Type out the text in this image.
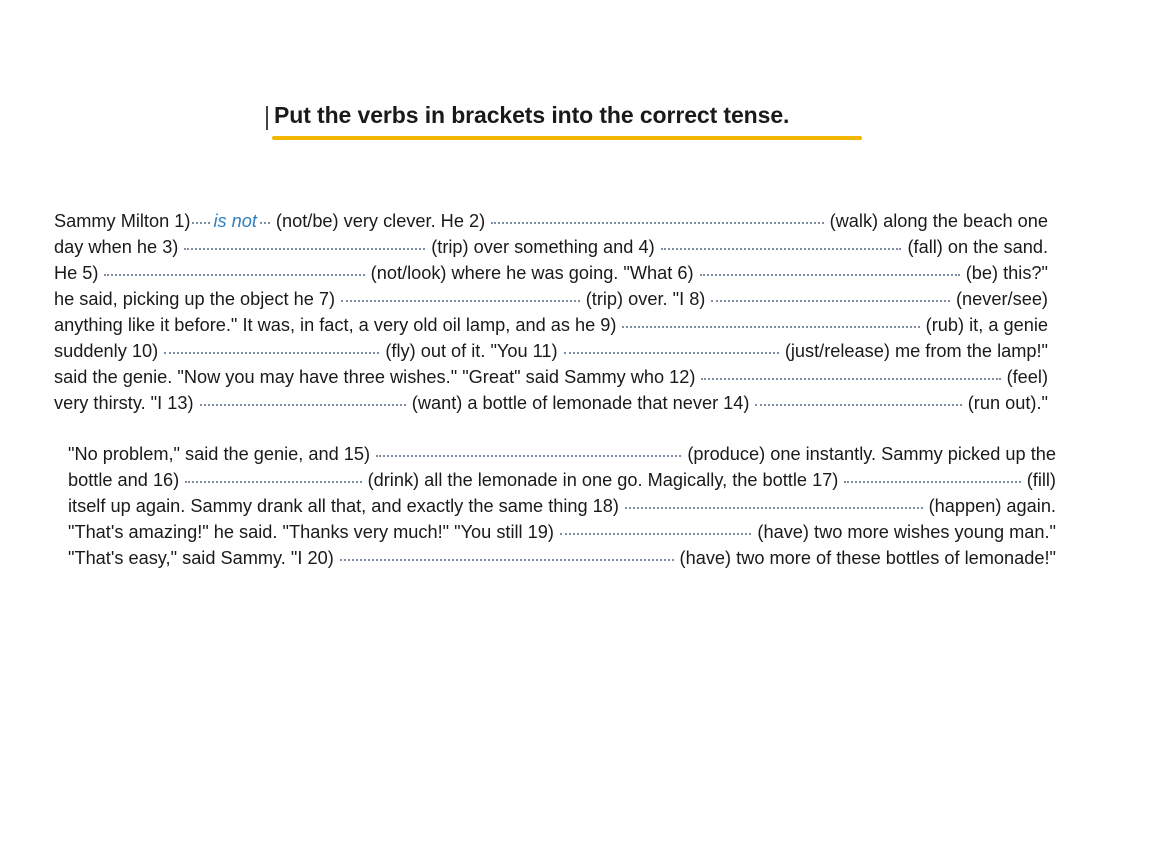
Put the verbs in brackets into the correct tense.
Sammy Milton 1) is not (not/be) very clever. He 2)	(walk) along the beach one
day when he 3)	(trip) over something and 4)	(fall) on the sand.
He 5)	(not/look) where he was going. "What 6)	(be) this?"
he said, picking up the object he 7)	(trip) over. "I 8)	(never/see)
anything like it before." It was, in fact, a very old oil lamp, and as he 9)	(rub) it, a genie
suddenly 10)	(fly) out of it. "You 11)	(just/release) me from the lamp!"
said the genie. "Now you may have three wishes." "Great" said Sammy who 12)	(feel)
very thirsty. "I 13)	(want) a bottle of lemonade that never 14)	(run out)."
"No problem," said the genie, and 15)	(produce) one instantly. Sammy picked up the
bottle and 16)	(drink) all the lemonade in one go. Magically, the bottle 17)	(fill)
itself up again. Sammy drank all that, and exactly the same thing 18)	(happen) again.
"That's amazing!" he said. "Thanks very much!" "You still 19)	(have) two more wishes young man."
"That's easy," said Sammy. "I 20)	(have) two more of these bottles of lemonade!"
